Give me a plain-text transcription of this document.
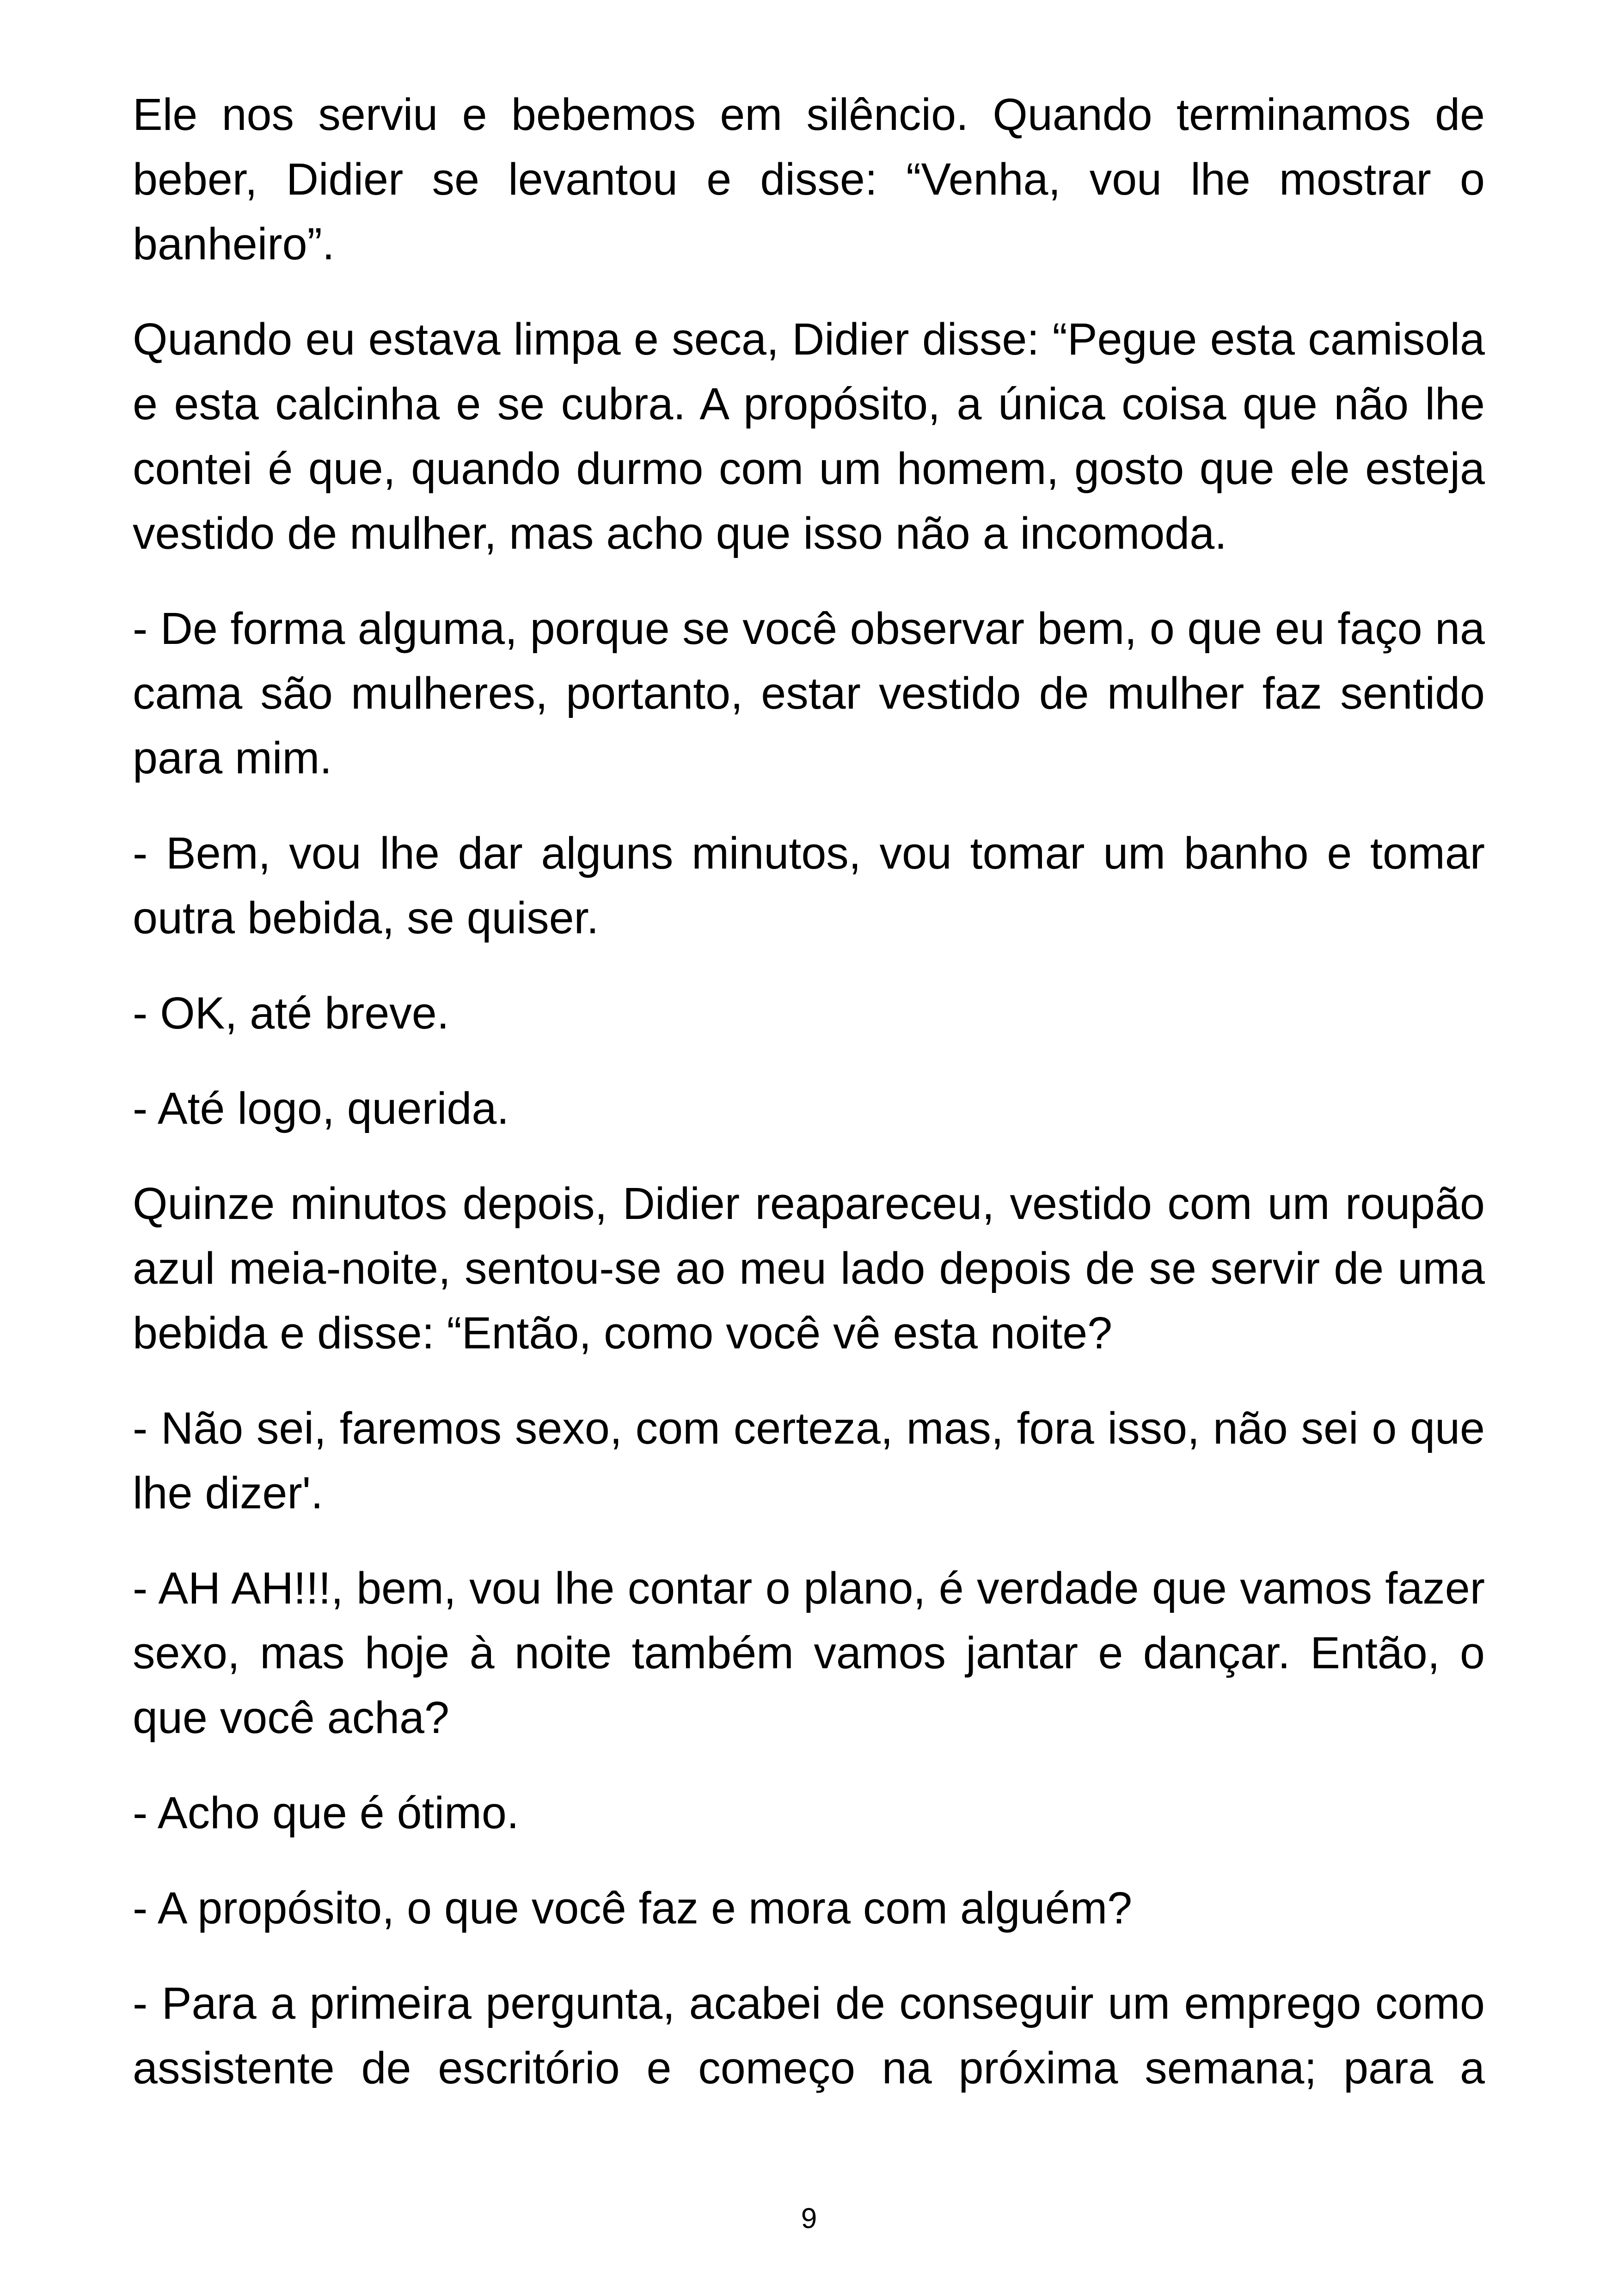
Ele nos serviu e bebemos em silêncio. Quando terminamos de beber, Didier se levantou e disse: “Venha, vou lhe mostrar o banheiro”.

Quando eu estava limpa e seca, Didier disse: “Pegue esta camisola e esta calcinha e se cubra. A propósito, a única coisa que não lhe contei é que, quando durmo com um homem, gosto que ele esteja vestido de mulher, mas acho que isso não a incomoda.

- De forma alguma, porque se você observar bem, o que eu faço na cama são mulheres, portanto, estar vestido de mulher faz sentido para mim.

- Bem, vou lhe dar alguns minutos, vou tomar um banho e tomar outra bebida, se quiser.

- OK, até breve.

- Até logo, querida.

Quinze minutos depois, Didier reapareceu, vestido com um roupão azul meia-noite, sentou-se ao meu lado depois de se servir de uma bebida e disse: “Então, como você vê esta noite?

- Não sei, faremos sexo, com certeza, mas, fora isso, não sei o que lhe dizer'.

- AH AH!!!, bem, vou lhe contar o plano, é verdade que vamos fazer sexo, mas hoje à noite também vamos jantar e dançar. Então, o que você acha?

- Acho que é ótimo.

- A propósito, o que você faz e mora com alguém?

- Para a primeira pergunta, acabei de conseguir um emprego como assistente de escritório e começo na próxima semana; para a

9
